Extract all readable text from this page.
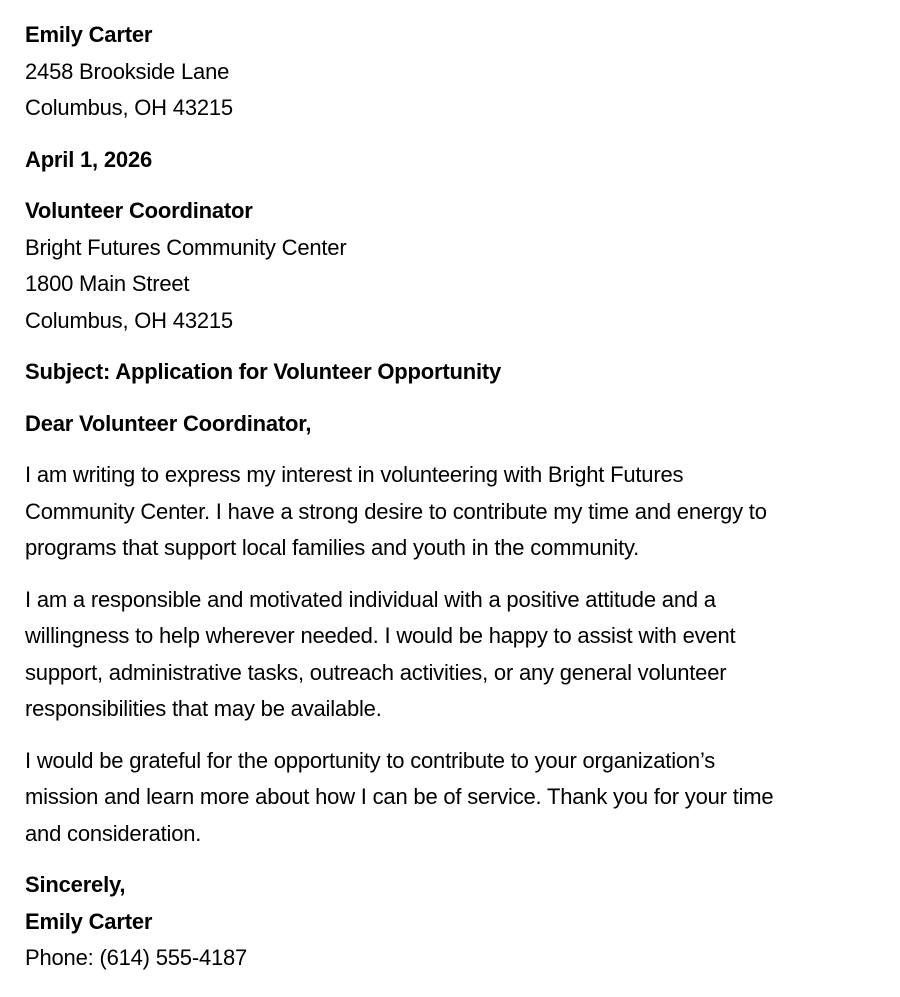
Emily Carter

2458 Brookside Lane

Columbus, OH 43215

April 1, 2026

Volunteer Coordinator

Bright Futures Community Center

1800 Main Street

Columbus, OH 43215

Subject: Application for Volunteer Opportunity

Dear Volunteer Coordinator,

I am writing to express my interest in volunteering with Bright Futures

Community Center. I have a strong desire to contribute my time and energy to

programs that support local families and youth in the community.

I am a responsible and motivated individual with a positive attitude and a

willingness to help wherever needed. I would be happy to assist with event

support, administrative tasks, outreach activities, or any general volunteer

responsibilities that may be available.

I would be grateful for the opportunity to contribute to your organization’s

mission and learn more about how I can be of service. Thank you for your time

and consideration.

Sincerely,

Emily Carter

Phone: (614) 555-4187
